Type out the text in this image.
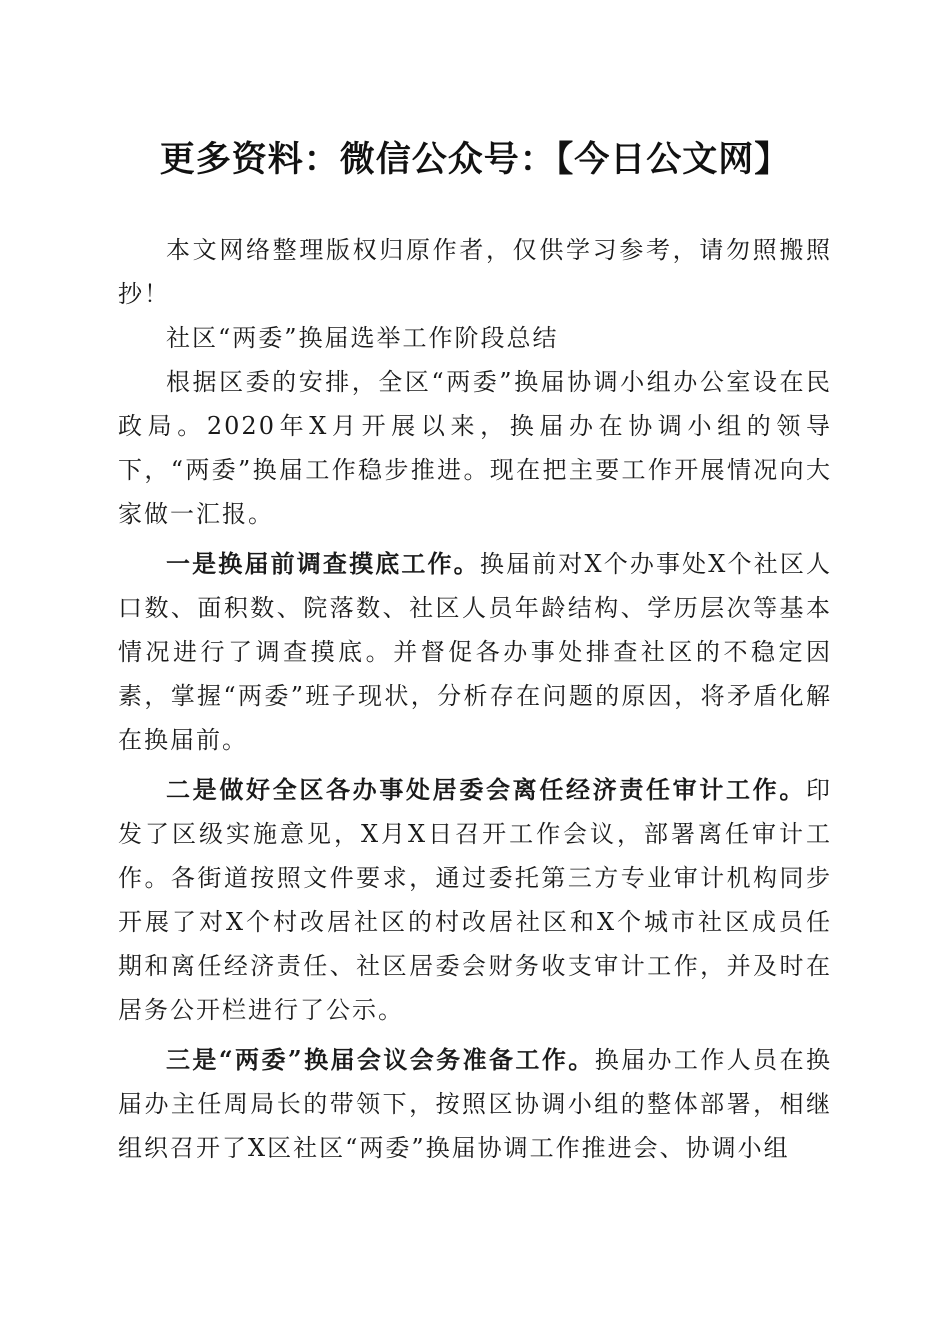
更多资料：微信公众号：【今日公文网】

本文网络整理版权归原作者，仅供学习参考，请勿照搬照抄！

社区“两委”换届选举工作阶段总结

根据区委的安排，全区“两委”换届协调小组办公室设在民政局。2020年X月开展以来，换届办在协调小组的领导下，“两委”换届工作稳步推进。现在把主要工作开展情况向大家做一汇报。

一是换届前调查摸底工作。换届前对X个办事处X个社区人口数、面积数、院落数、社区人员年龄结构、学历层次等基本情况进行了调查摸底。并督促各办事处排查社区的不稳定因素，掌握“两委”班子现状，分析存在问题的原因，将矛盾化解在换届前。

二是做好全区各办事处居委会离任经济责任审计工作。印发了区级实施意见，X月X日召开工作会议，部署离任审计工作。各街道按照文件要求，通过委托第三方专业审计机构同步开展了对X个村改居社区的村改居社区和X个城市社区成员任期和离任经济责任、社区居委会财务收支审计工作，并及时在居务公开栏进行了公示。

三是“两委”换届会议会务准备工作。换届办工作人员在换届办主任周局长的带领下，按照区协调小组的整体部署，相继组织召开了X区社区“两委”换届协调工作推进会、协调小组
